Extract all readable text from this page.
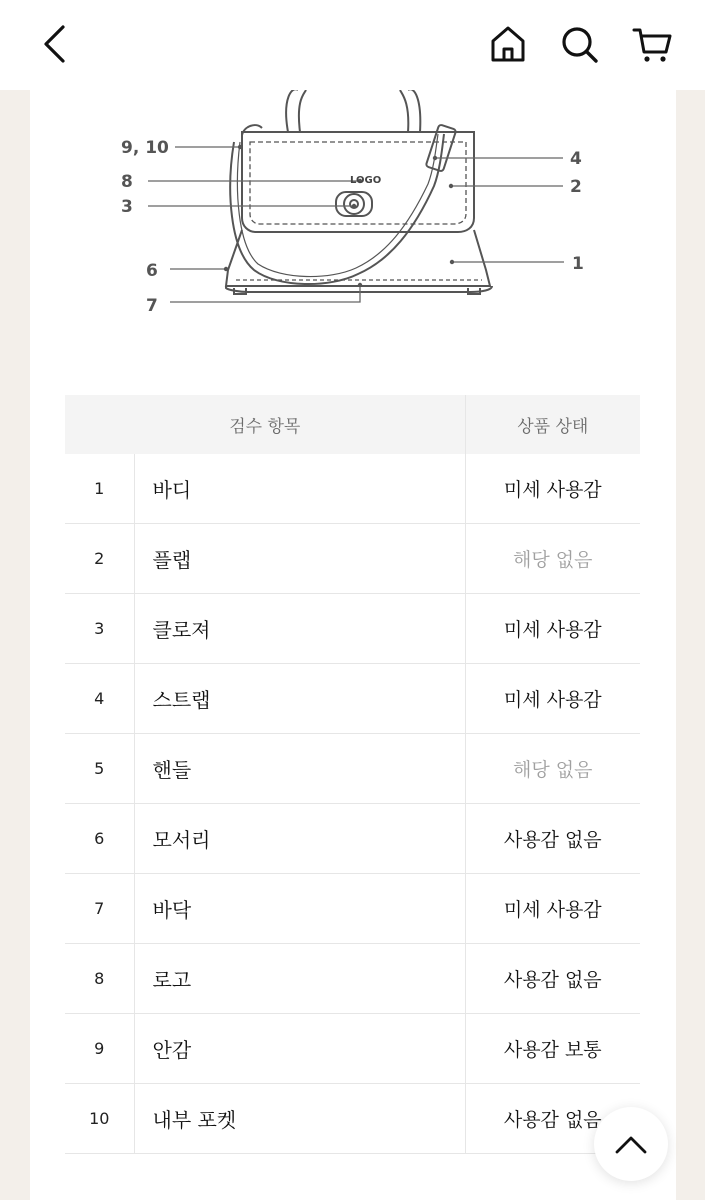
LOGO
9, 10
8
3
6
7
4
2
1
검수 항목		상품 상태
1	바디	미세 사용감
2	플랩	해당 없음
3	클로져	미세 사용감
4	스트랩	미세 사용감
5	핸들	해당 없음
6	모서리	사용감 없음
7	바닥	미세 사용감
8	로고	사용감 없음
9	안감	사용감 보통
10	내부 포켓	사용감 없음
